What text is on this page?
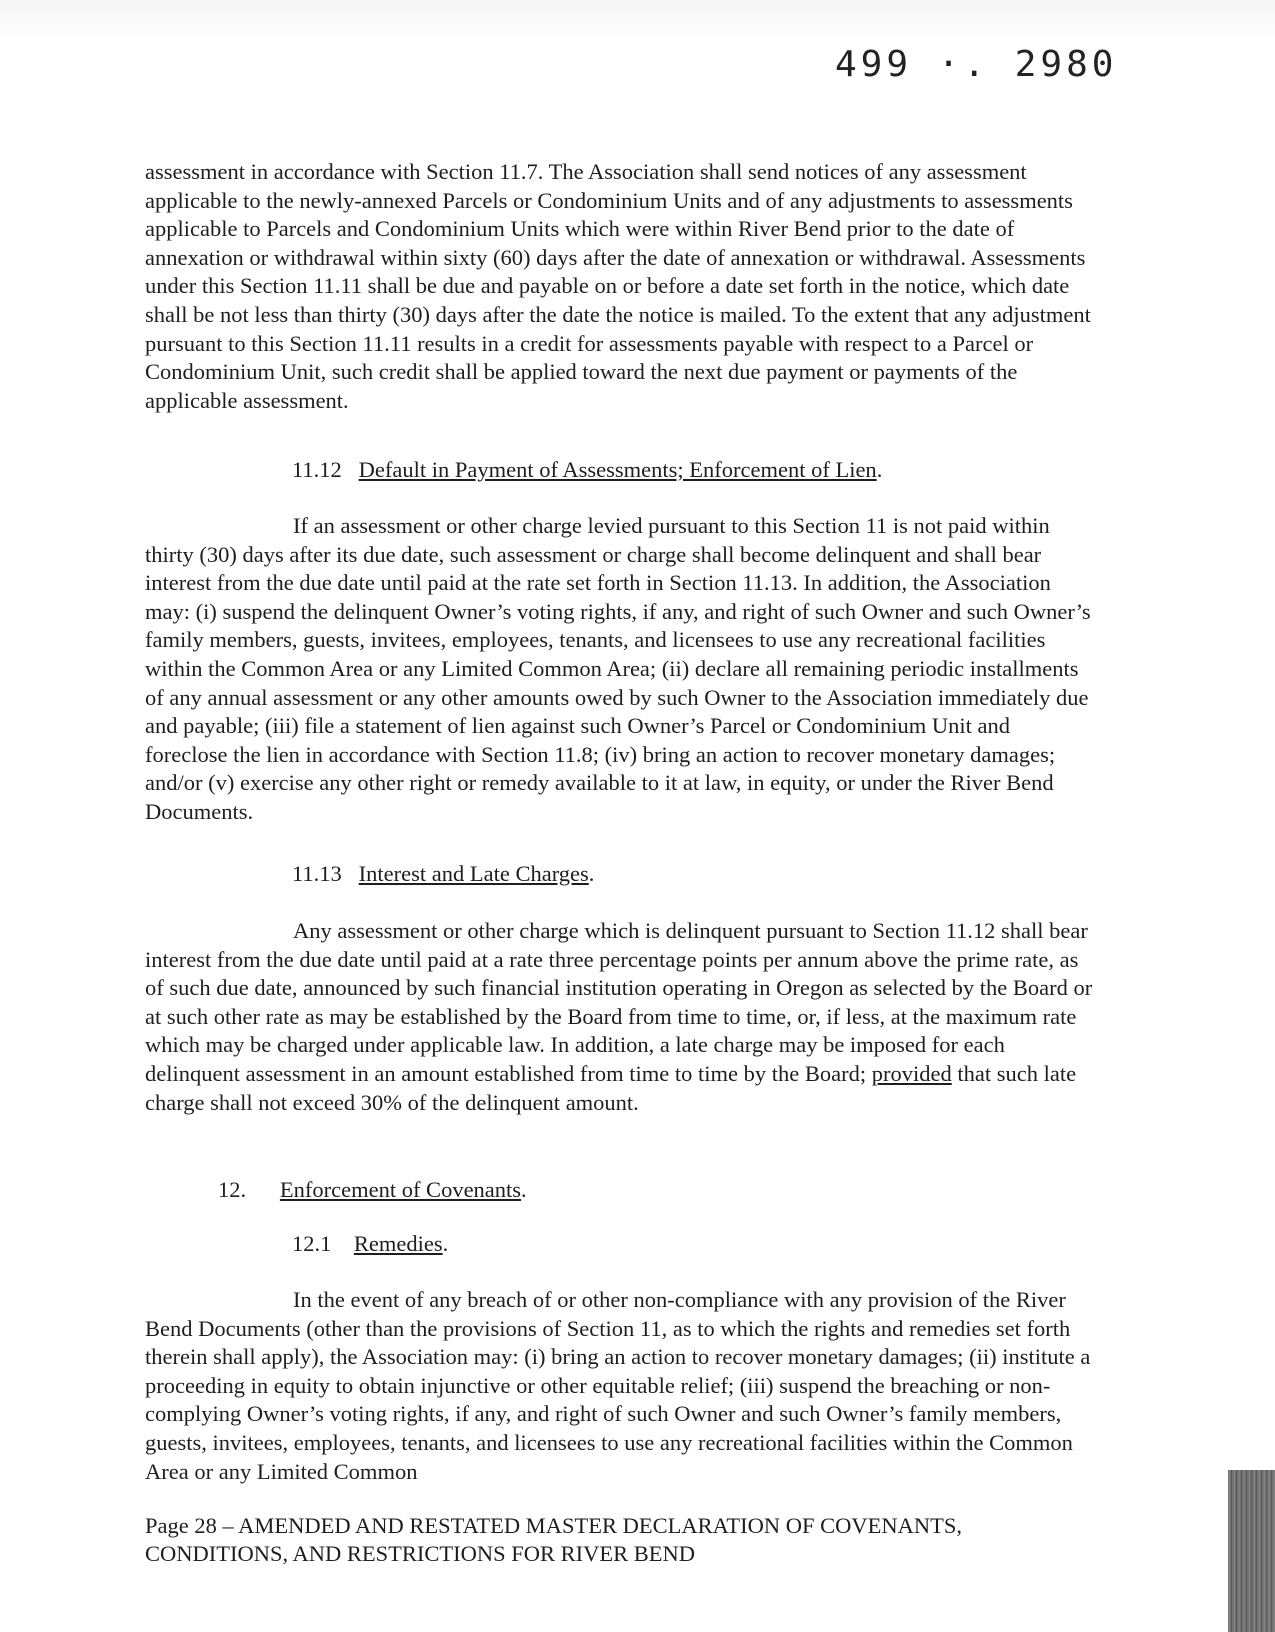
499 ·. 2980

assessment in accordance with Section 11.7. The Association shall send notices of any assessment applicable to the newly-annexed Parcels or Condominium Units and of any adjustments to assessments applicable to Parcels and Condominium Units which were within River Bend prior to the date of annexation or withdrawal within sixty (60) days after the date of annexation or withdrawal. Assessments under this Section 11.11 shall be due and payable on or before a date set forth in the notice, which date shall be not less than thirty (30) days after the date the notice is mailed. To the extent that any adjustment pursuant to this Section 11.11 results in a credit for assessments payable with respect to a Parcel or Condominium Unit, such credit shall be applied toward the next due payment or payments of the applicable assessment.

11.12 Default in Payment of Assessments; Enforcement of Lien.

If an assessment or other charge levied pursuant to this Section 11 is not paid within thirty (30) days after its due date, such assessment or charge shall become delinquent and shall bear interest from the due date until paid at the rate set forth in Section 11.13. In addition, the Association may: (i) suspend the delinquent Owner’s voting rights, if any, and right of such Owner and such Owner’s family members, guests, invitees, employees, tenants, and licensees to use any recreational facilities within the Common Area or any Limited Common Area; (ii) declare all remaining periodic installments of any annual assessment or any other amounts owed by such Owner to the Association immediately due and payable; (iii) file a statement of lien against such Owner’s Parcel or Condominium Unit and foreclose the lien in accordance with Section 11.8; (iv) bring an action to recover monetary damages; and/or (v) exercise any other right or remedy available to it at law, in equity, or under the River Bend Documents.

11.13 Interest and Late Charges.

Any assessment or other charge which is delinquent pursuant to Section 11.12 shall bear interest from the due date until paid at a rate three percentage points per annum above the prime rate, as of such due date, announced by such financial institution operating in Oregon as selected by the Board or at such other rate as may be established by the Board from time to time, or, if less, at the maximum rate which may be charged under applicable law. In addition, a late charge may be imposed for each delinquent assessment in an amount established from time to time by the Board; provided that such late charge shall not exceed 30% of the delinquent amount.

12. Enforcement of Covenants.
12.1 Remedies.

In the event of any breach of or other non-compliance with any provision of the River Bend Documents (other than the provisions of Section 11, as to which the rights and remedies set forth therein shall apply), the Association may: (i) bring an action to recover monetary damages; (ii) institute a proceeding in equity to obtain injunctive or other equitable relief; (iii) suspend the breaching or non-complying Owner’s voting rights, if any, and right of such Owner and such Owner’s family members, guests, invitees, employees, tenants, and licensees to use any recreational facilities within the Common Area or any Limited Common

Page 28 – AMENDED AND RESTATED MASTER DECLARATION OF COVENANTS,
CONDITIONS, AND RESTRICTIONS FOR RIVER BEND
